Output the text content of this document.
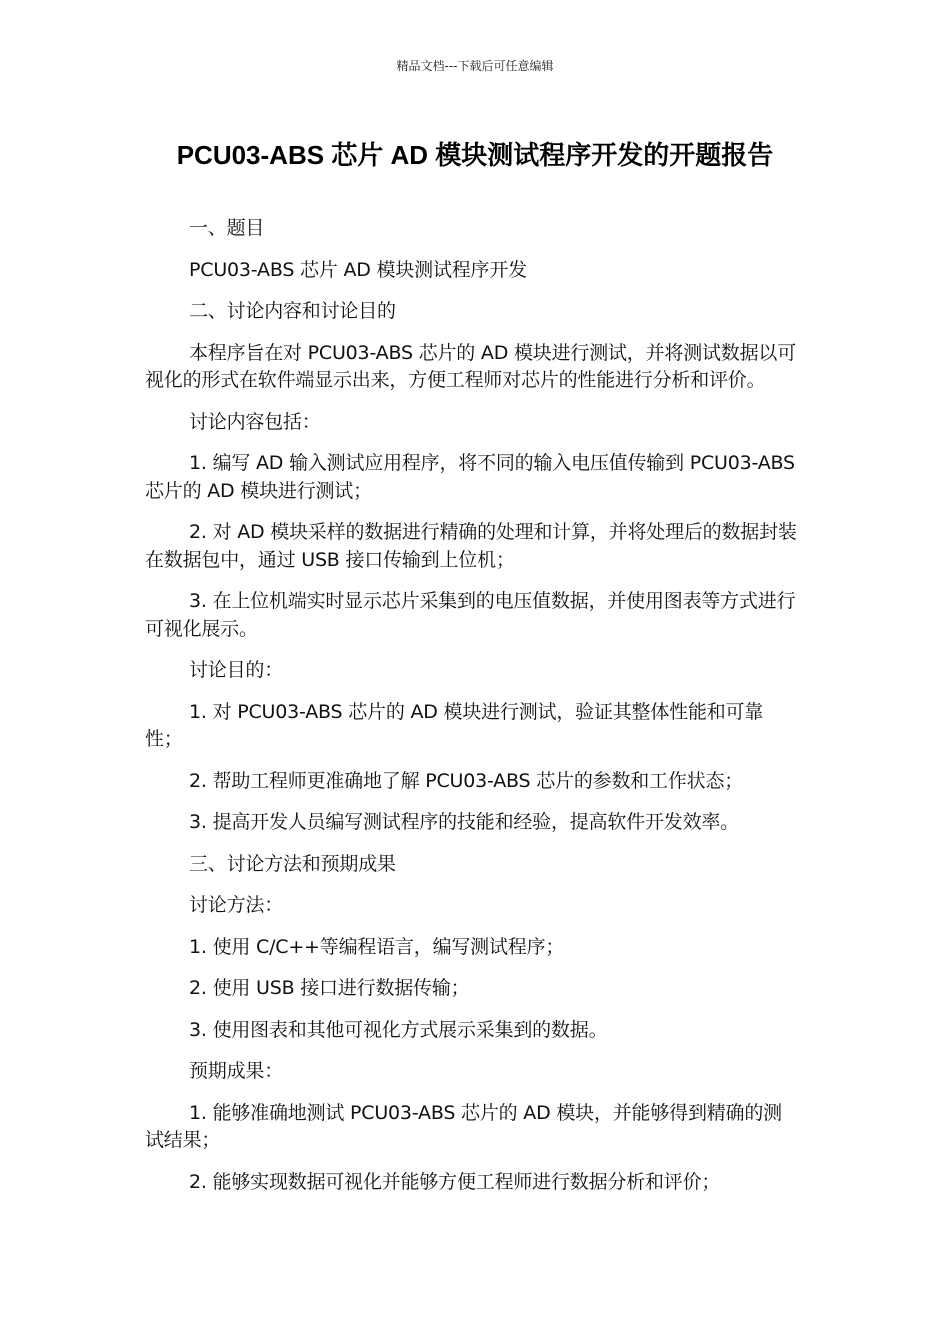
精品文档---下载后可任意编辑
PCU03-ABS 芯片 AD 模块测试程序开发的开题报告

一、题目

PCU03-ABS 芯片 AD 模块测试程序开发

二、讨论内容和讨论目的

本程序旨在对 PCU03-ABS 芯片的 AD 模块进行测试，并将测试数据以可视化的形式在软件端显示出来，方便工程师对芯片的性能进行分析和评价。

讨论内容包括：

1. 编写 AD 输入测试应用程序，将不同的输入电压值传输到 PCU03-ABS 芯片的 AD 模块进行测试；

2. 对 AD 模块采样的数据进行精确的处理和计算，并将处理后的数据封装在数据包中，通过 USB 接口传输到上位机；

3. 在上位机端实时显示芯片采集到的电压值数据，并使用图表等方式进行可视化展示。

讨论目的：

1. 对 PCU03-ABS 芯片的 AD 模块进行测试，验证其整体性能和可靠性；

2. 帮助工程师更准确地了解 PCU03-ABS 芯片的参数和工作状态；

3. 提高开发人员编写测试程序的技能和经验，提高软件开发效率。

三、讨论方法和预期成果

讨论方法：

1. 使用 C/C++等编程语言，编写测试程序；

2. 使用 USB 接口进行数据传输；

3. 使用图表和其他可视化方式展示采集到的数据。

预期成果：

1. 能够准确地测试 PCU03-ABS 芯片的 AD 模块，并能够得到精确的测试结果；

2. 能够实现数据可视化并能够方便工程师进行数据分析和评价；
